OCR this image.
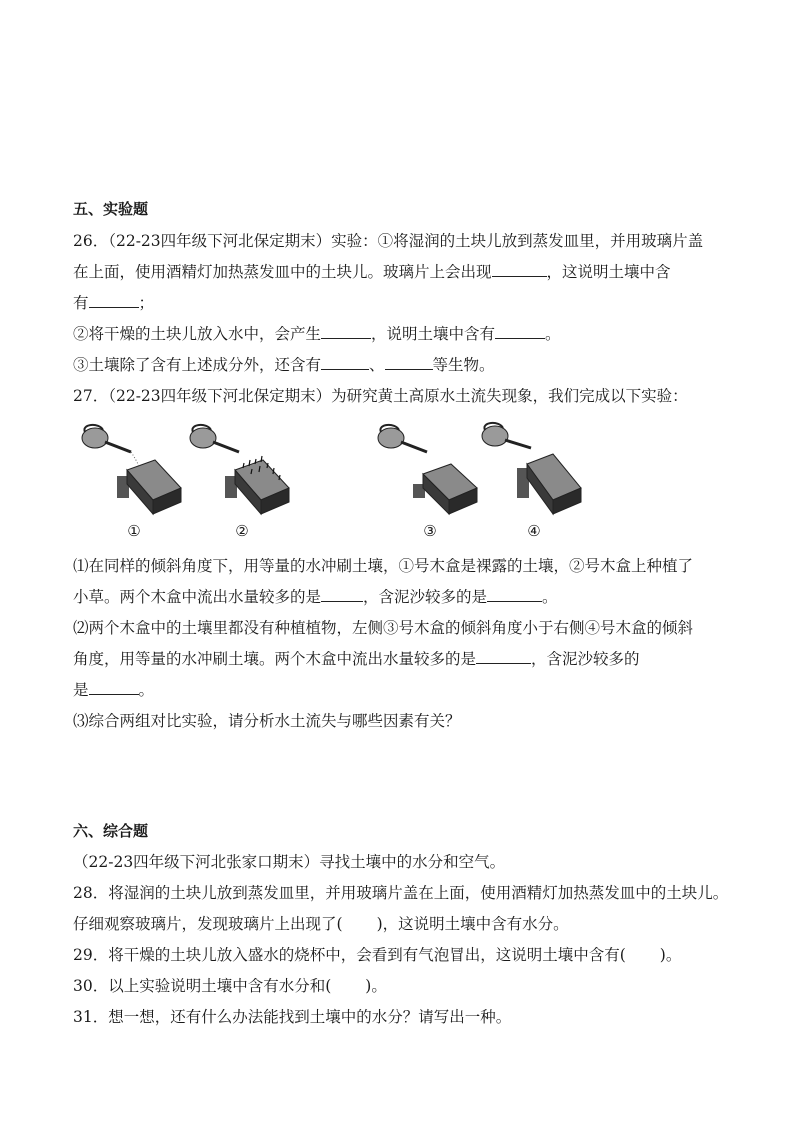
五、实验题
26．（22-23四年级下河北保定期末）实验：①将湿润的土块儿放到蒸发皿里，并用玻璃片盖
在上面，使用酒精灯加热蒸发皿中的土块儿。玻璃片上会出现	，这说明土壤中含
有	；
②将干燥的土块儿放入水中，会产生	，说明土壤中含有	。
③土壤除了含有上述成分外，还含有	、	等生物。
27．（22-23四年级下河北保定期末）为研究黄土高原水土流失现象，我们完成以下实验：
①	②	③	④
⑴在同样的倾斜角度下，用等量的水冲刷土壤，①号木盒是裸露的土壤，②号木盒上种植了
小草。两个木盒中流出水量较多的是	，含泥沙较多的是	。
⑵两个木盒中的土壤里都没有种植植物，左侧③号木盒的倾斜角度小于右侧④号木盒的倾斜
角度，用等量的水冲刷土壤。两个木盒中流出水量较多的是	，含泥沙较多的
是	。
⑶综合两组对比实验，请分析水土流失与哪些因素有关？
六、综合题
（22-23四年级下河北张家口期末）寻找土壤中的水分和空气。
28．将湿润的土块儿放到蒸发皿里，并用玻璃片盖在上面，使用酒精灯加热蒸发皿中的土块儿。
仔细观察玻璃片，发现玻璃片上出现了( )，这说明土壤中含有水分。
29．将干燥的土块儿放入盛水的烧杯中，会看到有气泡冒出，这说明土壤中含有( )。
30．以上实验说明土壤中含有水分和( )。
31．想一想，还有什么办法能找到土壤中的水分？请写出一种。
